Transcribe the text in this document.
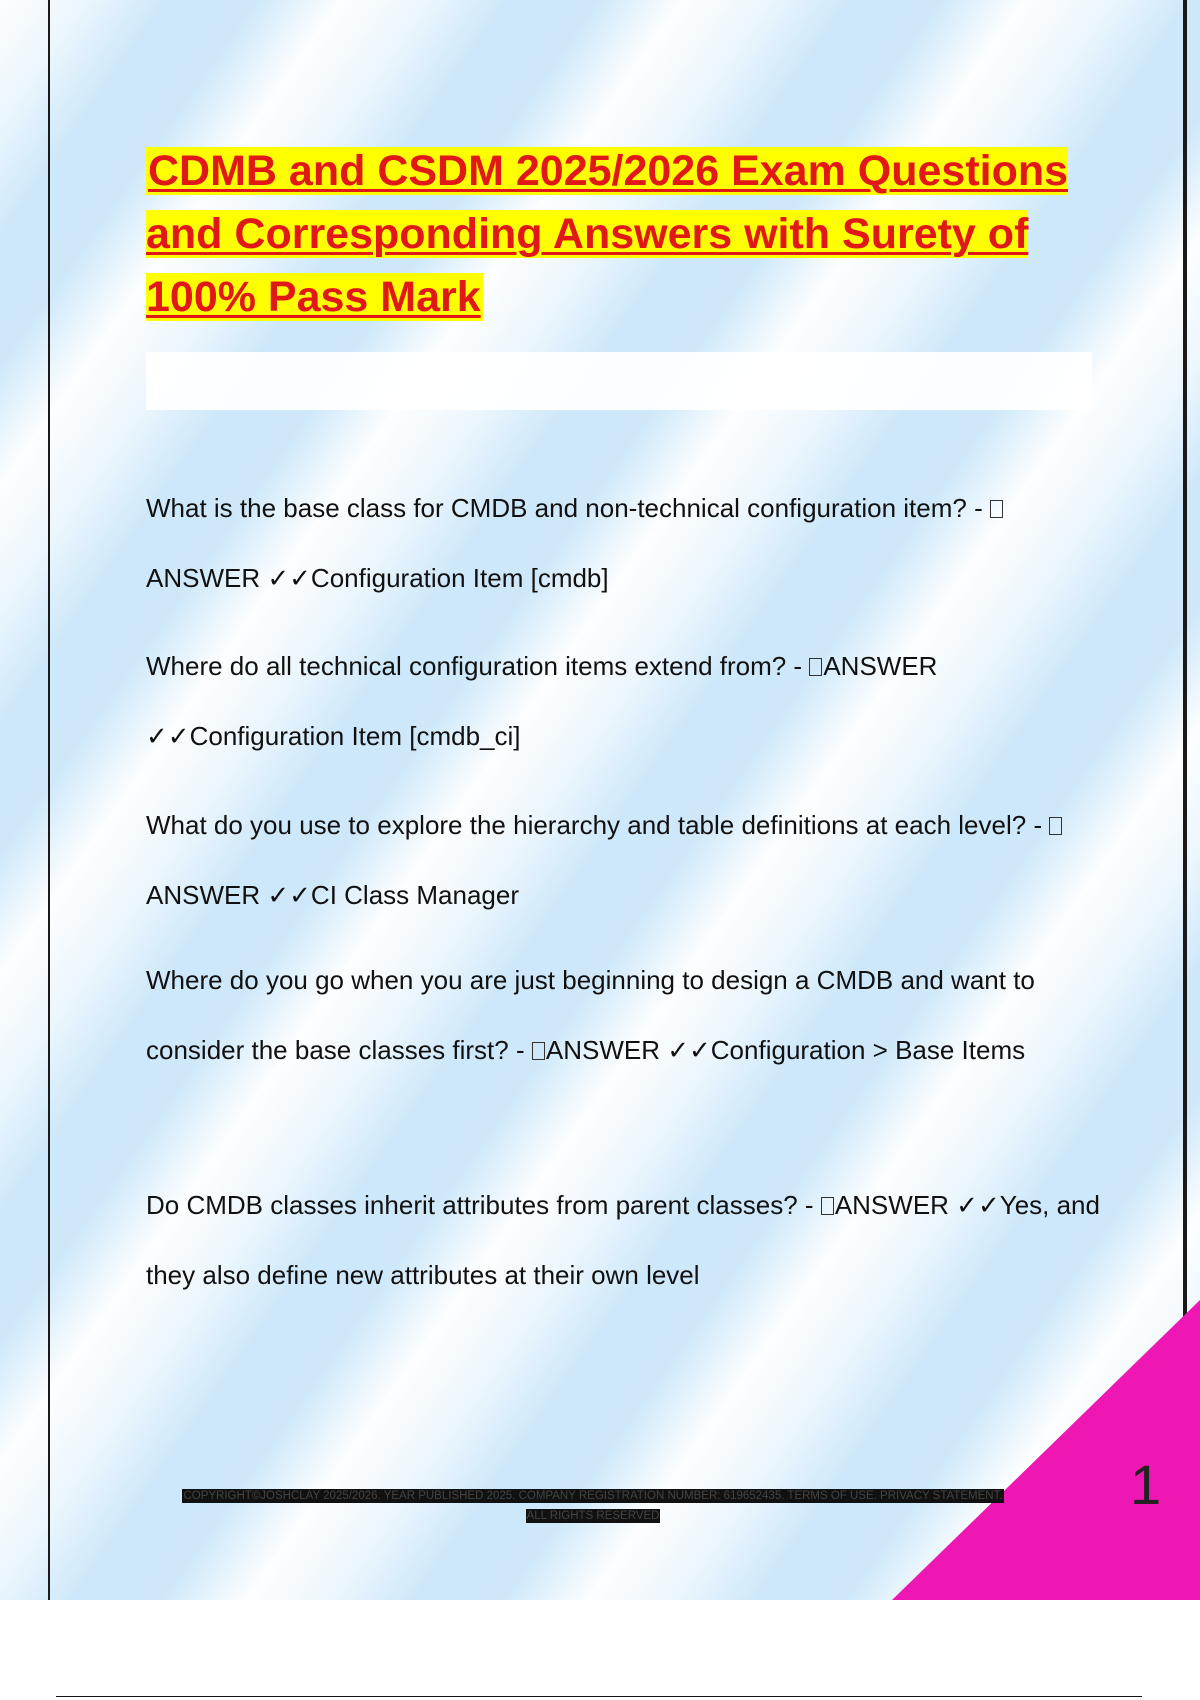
CDMB and CSDM 2025/2026 Exam Questions and Corresponding Answers with Surety of 100% Pass Mark

What is the base class for CMDB and non-technical configuration item? - ANSWER ✓✓Configuration Item [cmdb]

Where do all technical configuration items extend from? - ANSWER ✓✓Configuration Item [cmdb_ci]

What do you use to explore the hierarchy and table definitions at each level? - ANSWER ✓✓CI Class Manager

Where do you go when you are just beginning to design a CMDB and want to consider the base classes first? - ANSWER ✓✓Configuration > Base Items

Do CMDB classes inherit attributes from parent classes? - ANSWER ✓✓Yes, and they also define new attributes at their own level

1

COPYRIGHT©JOSHCLAY 2025/2026. YEAR PUBLISHED 2025. COMPANY REGISTRATION NUMBER: 619652435. TERMS OF USE. PRIVACY STATEMENT. ALL RIGHTS RESERVED
